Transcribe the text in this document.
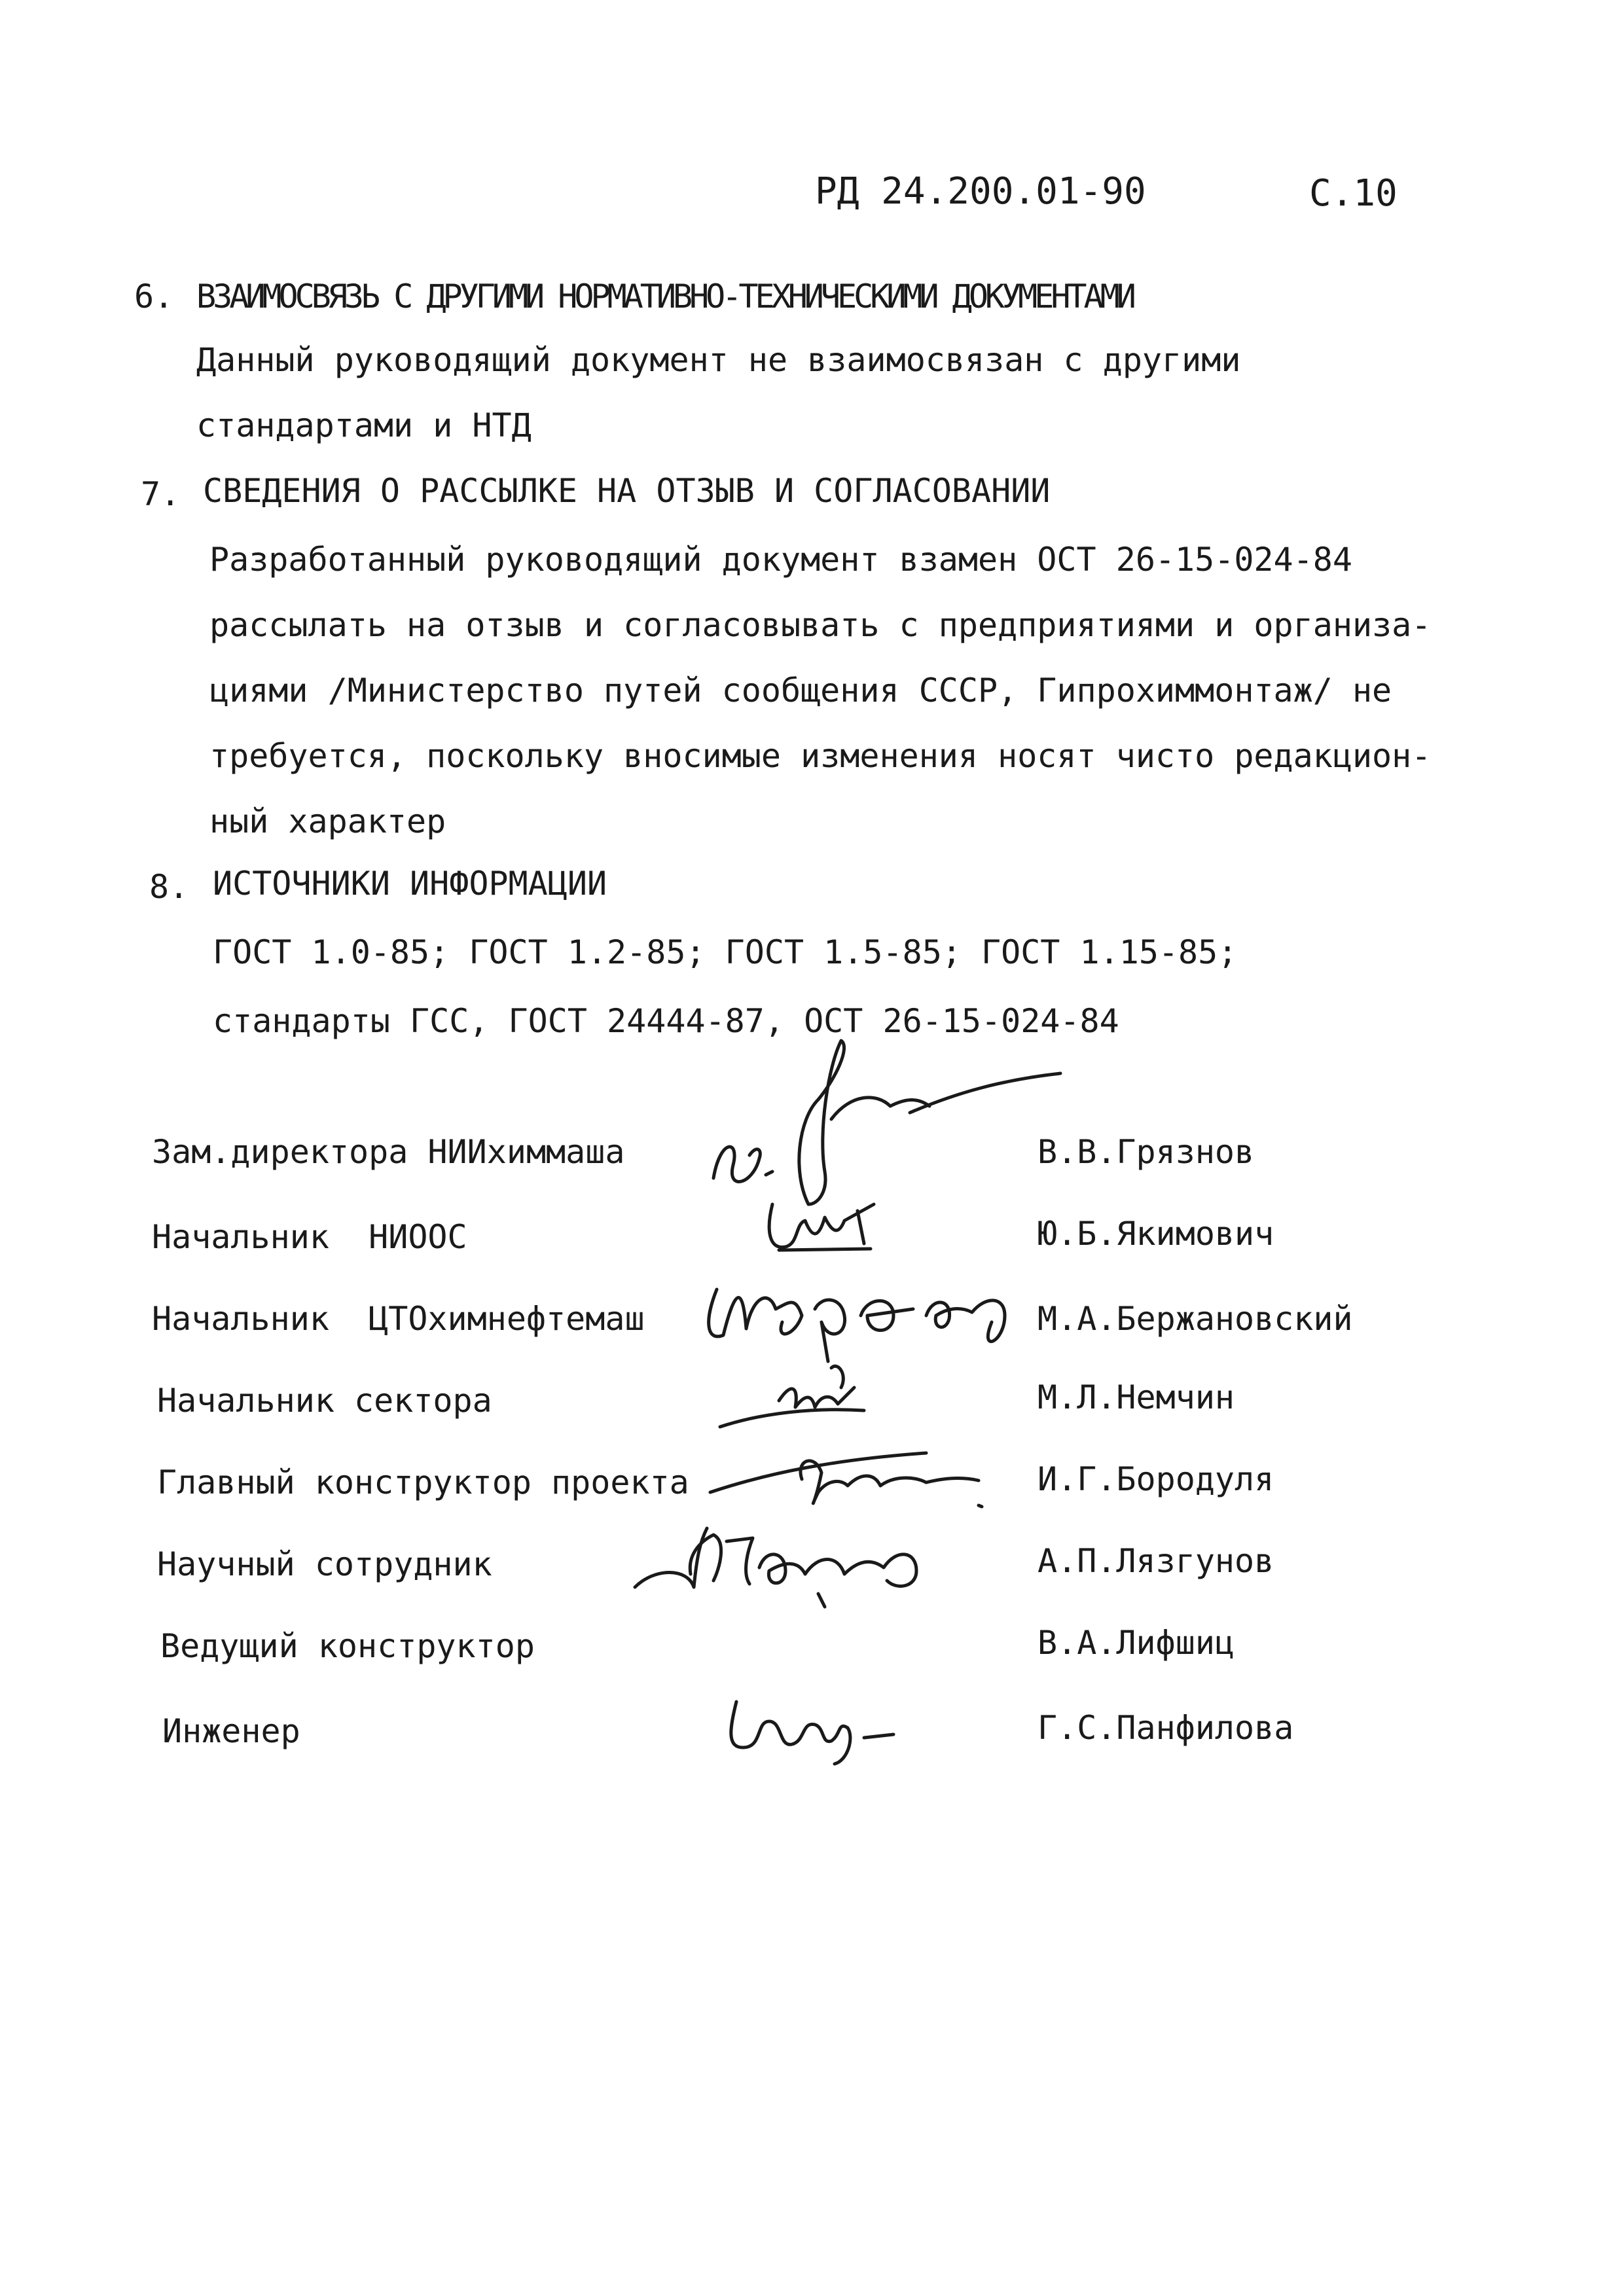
РД 24.200.01-90	С.10
6. ВЗАИМОСВЯЗЬ С ДРУГИМИ НОРМАТИВНО-ТЕХНИЧЕСКИМИ ДОКУМЕНТАМИ
Данный руководящий документ не взаимосвязан с другими
стандартами и НТД
7. СВЕДЕНИЯ О РАССЫЛКЕ НА ОТЗЫВ И СОГЛАСОВАНИИ
Разработанный руководящий документ взамен ОСТ 26-15-024-84
рассылать на отзыв и согласовывать с предприятиями и организа-
циями /Министерство путей сообщения СССР, Гипрохиммонтаж/ не
требуется, поскольку вносимые изменения носят чисто редакцион-
ный характер
8. ИСТОЧНИКИ ИНФОРМАЦИИ
ГОСТ 1.0-85; ГОСТ 1.2-85; ГОСТ 1.5-85; ГОСТ 1.15-85;
стандарты ГСС, ГОСТ 24444-87, ОСТ 26-15-024-84
Зам.директора НИИхиммаша
Начальник  НИООС
Начальник  ЦТОхимнефтемаш
Начальник сектора
Главный конструктор проекта
Научный сотрудник
Ведущий конструктор
Инженер
В.В.Грязнов
Ю.Б.Якимович
М.А.Бержановский
М.Л.Немчин
И.Г.Бородуля
А.П.Лязгунов
В.А.Лифшиц
Г.С.Панфилова
